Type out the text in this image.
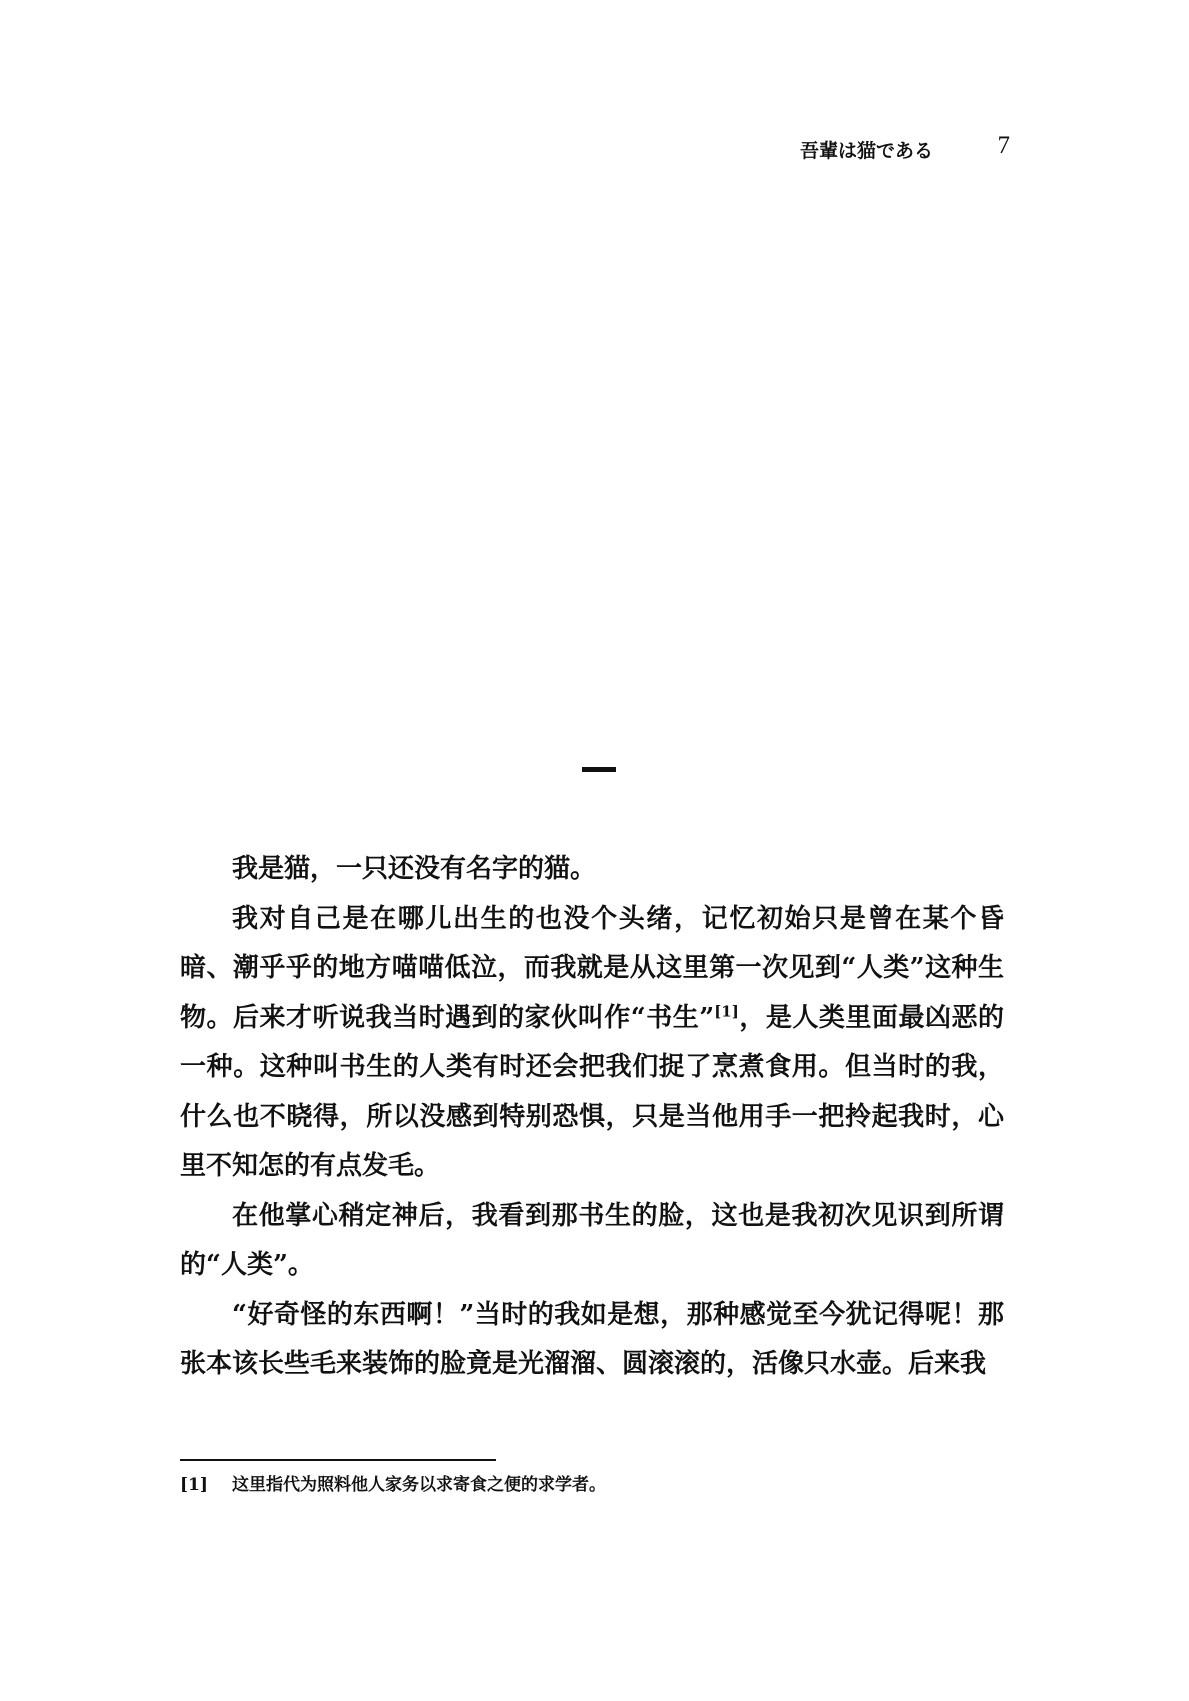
吾輩は猫である	7

我是猫，一只还没有名字的猫。

我对自己是在哪儿出生的也没个头绪，记忆初始只是曾在某个昏暗、潮乎乎的地方喵喵低泣，而我就是从这里第一次见到“人类”这种生物。后来才听说我当时遇到的家伙叫作“书生”[1]，是人类里面最凶恶的一种。这种叫书生的人类有时还会把我们捉了烹煮食用。但当时的我，什么也不晓得，所以没感到特别恐惧，只是当他用手一把拎起我时，心里不知怎的有点发毛。

在他掌心稍定神后，我看到那书生的脸，这也是我初次见识到所谓的“人类”。

“好奇怪的东西啊！”当时的我如是想，那种感觉至今犹记得呢！那张本该长些毛来装饰的脸竟是光溜溜、圆滚滚的，活像只水壶。后来我

[1] 这里指代为照料他人家务以求寄食之便的求学者。
